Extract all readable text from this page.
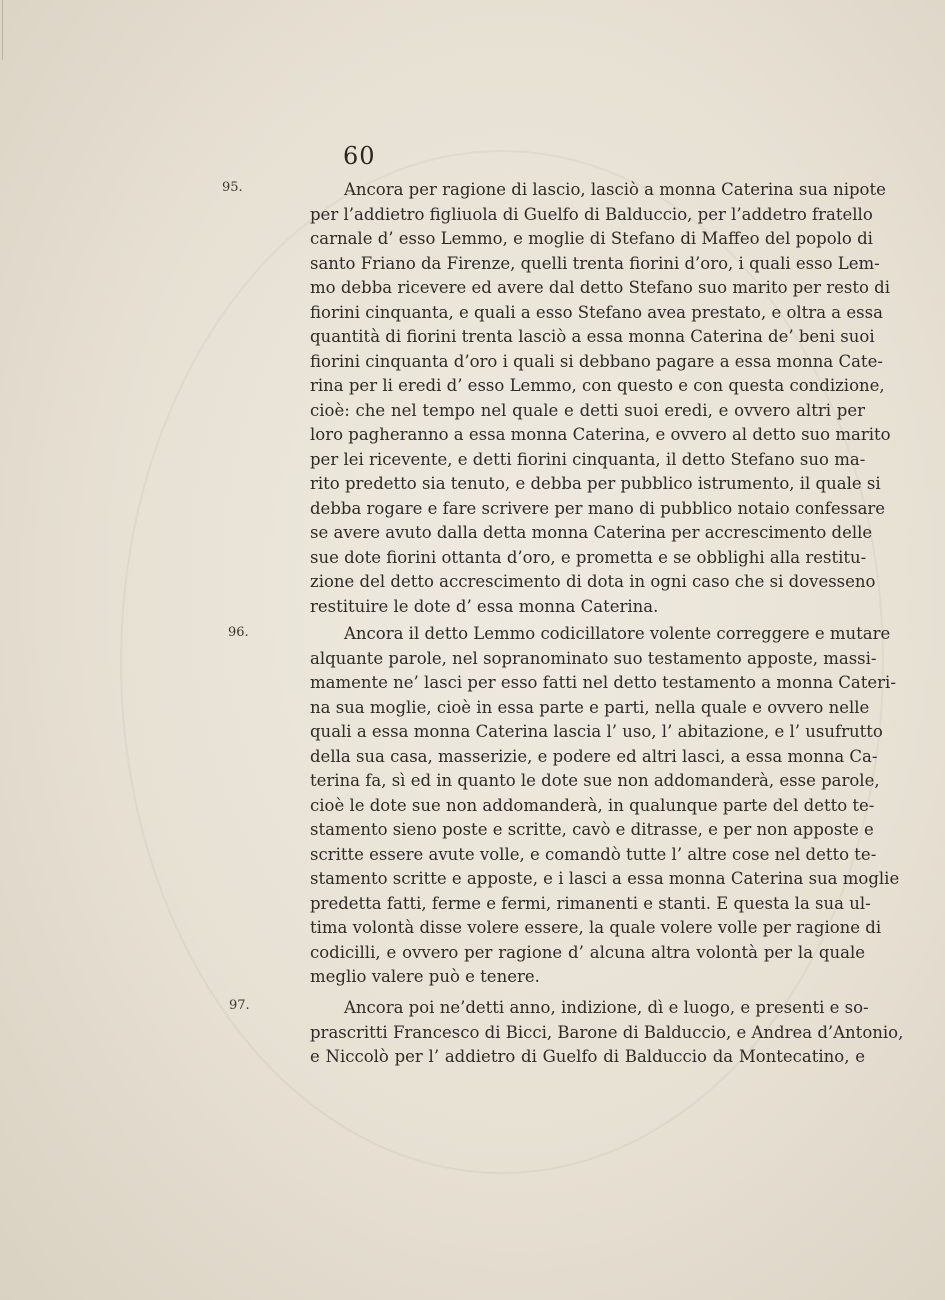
60
95.
96.
97.
Ancora per ragione di lascio, lasciò a monna Caterina sua nipote
per l’addietro figliuola di Guelfo di Balduccio, per l’addetro fratello
carnale d’ esso Lemmo, e moglie di Stefano di Maffeo del popolo di
santo Friano da Firenze, quelli trenta fiorini d’oro, i quali esso Lem-
mo debba ricevere ed avere dal detto Stefano suo marito per resto di
fiorini cinquanta, e quali a esso Stefano avea prestato, e oltra a essa
quantità di fiorini trenta lasciò a essa monna Caterina de’ beni suoi
fiorini cinquanta d’oro i quali si debbano pagare a essa monna Cate-
rina per li eredi d’ esso Lemmo, con questo e con questa condizione,
cioè: che nel tempo nel quale e detti suoi eredi, e ovvero altri per
loro pagheranno a essa monna Caterina, e ovvero al detto suo marito
per lei ricevente, e detti fiorini cinquanta, il detto Stefano suo ma-
rito predetto sia tenuto, e debba per pubblico istrumento, il quale si
debba rogare e fare scrivere per mano di pubblico notaio confessare
se avere avuto dalla detta monna Caterina per accrescimento delle
sue dote fiorini ottanta d’oro, e prometta e se obblighi alla restitu-
zione del detto accrescimento di dota in ogni caso che si dovesseno
restituire le dote d’ essa monna Caterina.
Ancora il detto Lemmo codicillatore volente correggere e mutare
alquante parole, nel sopranominato suo testamento apposte, massi-
mamente ne’ lasci per esso fatti nel detto testamento a monna Cateri-
na sua moglie, cioè in essa parte e parti, nella quale e ovvero nelle
quali a essa monna Caterina lascia l’ uso, l’ abitazione, e l’ usufrutto
della sua casa, masserizie, e podere ed altri lasci, a essa monna Ca-
terina fa, sì ed in quanto le dote sue non addomanderà, esse parole,
cioè le dote sue non addomanderà, in qualunque parte del detto te-
stamento sieno poste e scritte, cavò e ditrasse, e per non apposte e
scritte essere avute volle, e comandò tutte l’ altre cose nel detto te-
stamento scritte e apposte, e i lasci a essa monna Caterina sua moglie
predetta fatti, ferme e fermi, rimanenti e stanti. E questa la sua ul-
tima volontà disse volere essere, la quale volere volle per ragione di
codicilli, e ovvero per ragione d’ alcuna altra volontà per la quale
meglio valere può e tenere.
Ancora poi ne’detti anno, indizione, dì e luogo, e presenti e so-
prascritti Francesco di Bicci, Barone di Balduccio, e Andrea d’Antonio,
e Niccolò per l’ addietro di Guelfo di Balduccio da Montecatino, e
